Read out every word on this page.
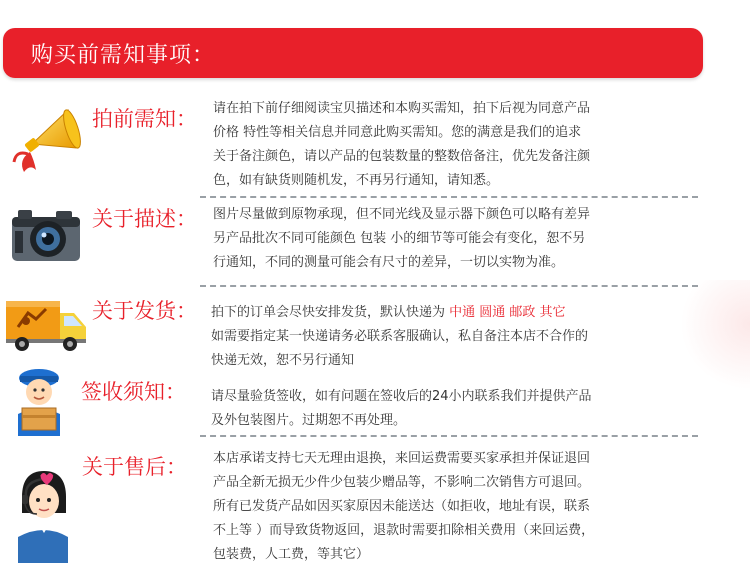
购买前需知事项：
拍前需知： 请在拍下前仔细阅读宝贝描述和本购买需知，拍下后视为同意产品
价格 特性等相关信息并同意此购买需知。您的满意是我们的追求
关于备注颜色，请以产品的包装数量的整数倍备注，优先发备注颜
色，如有缺货则随机发，不再另行通知，请知悉。
关于描述： 图片尽量做到原物承现，但不同光线及显示器下颜色可以略有差异
另产品批次不同可能颜色 包装 小的细节等可能会有变化，恕不另
行通知，不同的测量可能会有尺寸的差异，一切以实物为准。
关于发货： 拍下的订单会尽快安排发货，默认快递为 中通 圆通 邮政 其它
如需要指定某一快递请务必联系客服确认，私自备注本店不合作的
快递无效，恕不另行通知
签收须知： 请尽量验货签收，如有问题在签收后的24小内联系我们并提供产品
及外包装图片。过期恕不再处理。
关于售后： 本店承诺支持七天无理由退换，来回运费需要买家承担并保证退回
产品全新无损无少件少包装少赠品等，不影响二次销售方可退回。
所有已发货产品如因买家原因未能送达（如拒收，地址有误，联系
不上等 ）而导致货物返回，退款时需要扣除相关费用（来回运费，
包装费，人工费，等其它）
